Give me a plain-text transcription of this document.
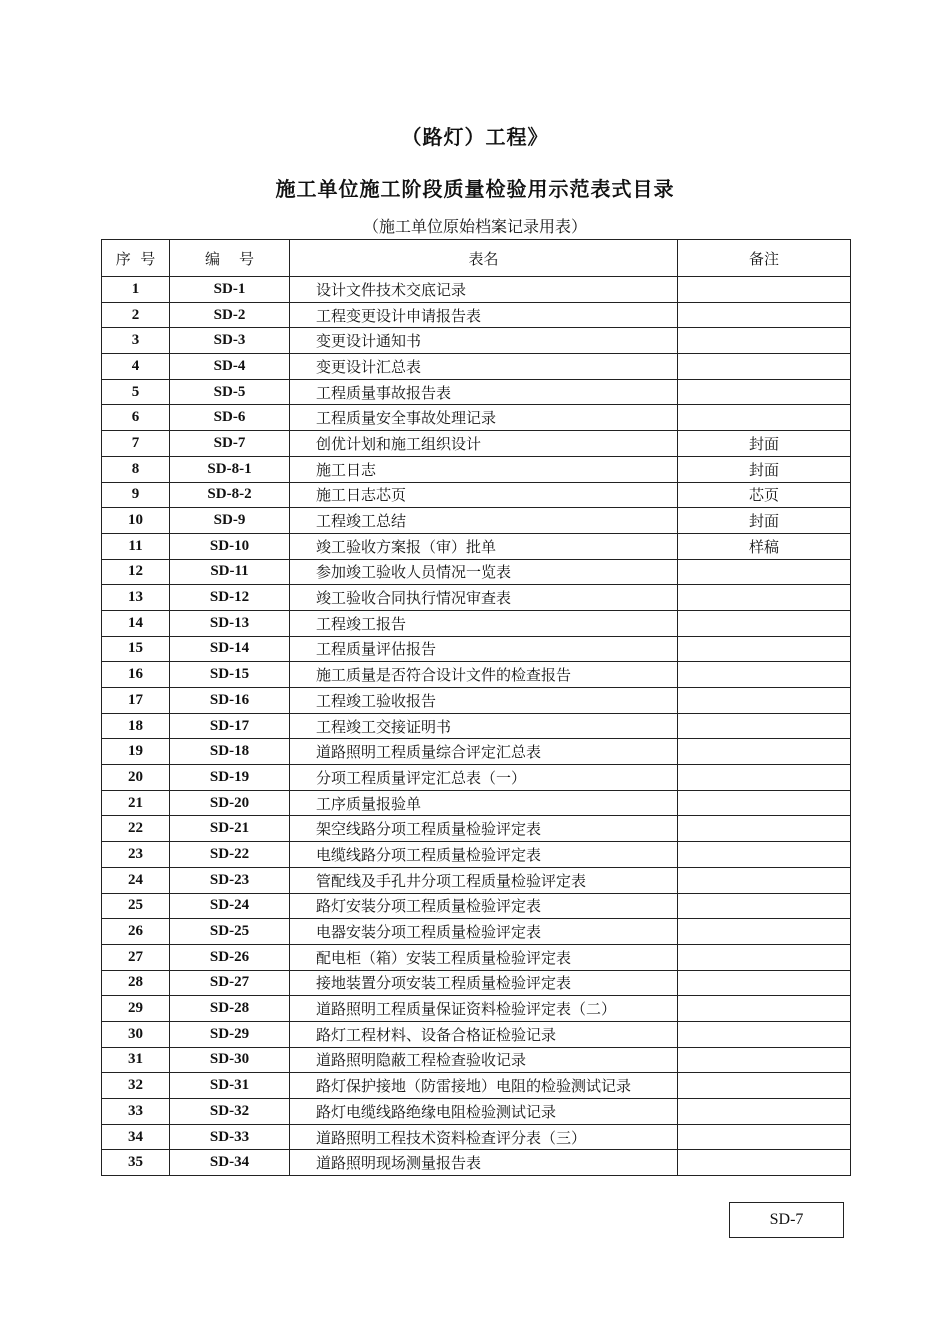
（路灯）工程》
施工单位施工阶段质量检验用示范表式目录
（施工单位原始档案记录用表）
序  号	编    号	表名	备注
1	SD-1	设计文件技术交底记录	
2	SD-2	工程变更设计申请报告表	
3	SD-3	变更设计通知书	
4	SD-4	变更设计汇总表	
5	SD-5	工程质量事故报告表	
6	SD-6	工程质量安全事故处理记录	
7	SD-7	创优计划和施工组织设计	封面
8	SD-8-1	施工日志	封面
9	SD-8-2	施工日志芯页	芯页
10	SD-9	工程竣工总结	封面
11	SD-10	竣工验收方案报（审）批单	样稿
12	SD-11	参加竣工验收人员情况一览表	
13	SD-12	竣工验收合同执行情况审查表	
14	SD-13	工程竣工报告	
15	SD-14	工程质量评估报告	
16	SD-15	施工质量是否符合设计文件的检查报告	
17	SD-16	工程竣工验收报告	
18	SD-17	工程竣工交接证明书	
19	SD-18	道路照明工程质量综合评定汇总表	
20	SD-19	分项工程质量评定汇总表（一）	
21	SD-20	工序质量报验单	
22	SD-21	架空线路分项工程质量检验评定表	
23	SD-22	电缆线路分项工程质量检验评定表	
24	SD-23	管配线及手孔井分项工程质量检验评定表	
25	SD-24	路灯安装分项工程质量检验评定表	
26	SD-25	电器安装分项工程质量检验评定表	
27	SD-26	配电柜（箱）安装工程质量检验评定表	
28	SD-27	接地装置分项安装工程质量检验评定表	
29	SD-28	道路照明工程质量保证资料检验评定表（二）	
30	SD-29	路灯工程材料、设备合格证检验记录	
31	SD-30	道路照明隐蔽工程检查验收记录	
32	SD-31	路灯保护接地（防雷接地）电阻的检验测试记录	
33	SD-32	路灯电缆线路绝缘电阻检验测试记录	
34	SD-33	道路照明工程技术资料检查评分表（三）	
35	SD-34	道路照明现场测量报告表	
SD-7
